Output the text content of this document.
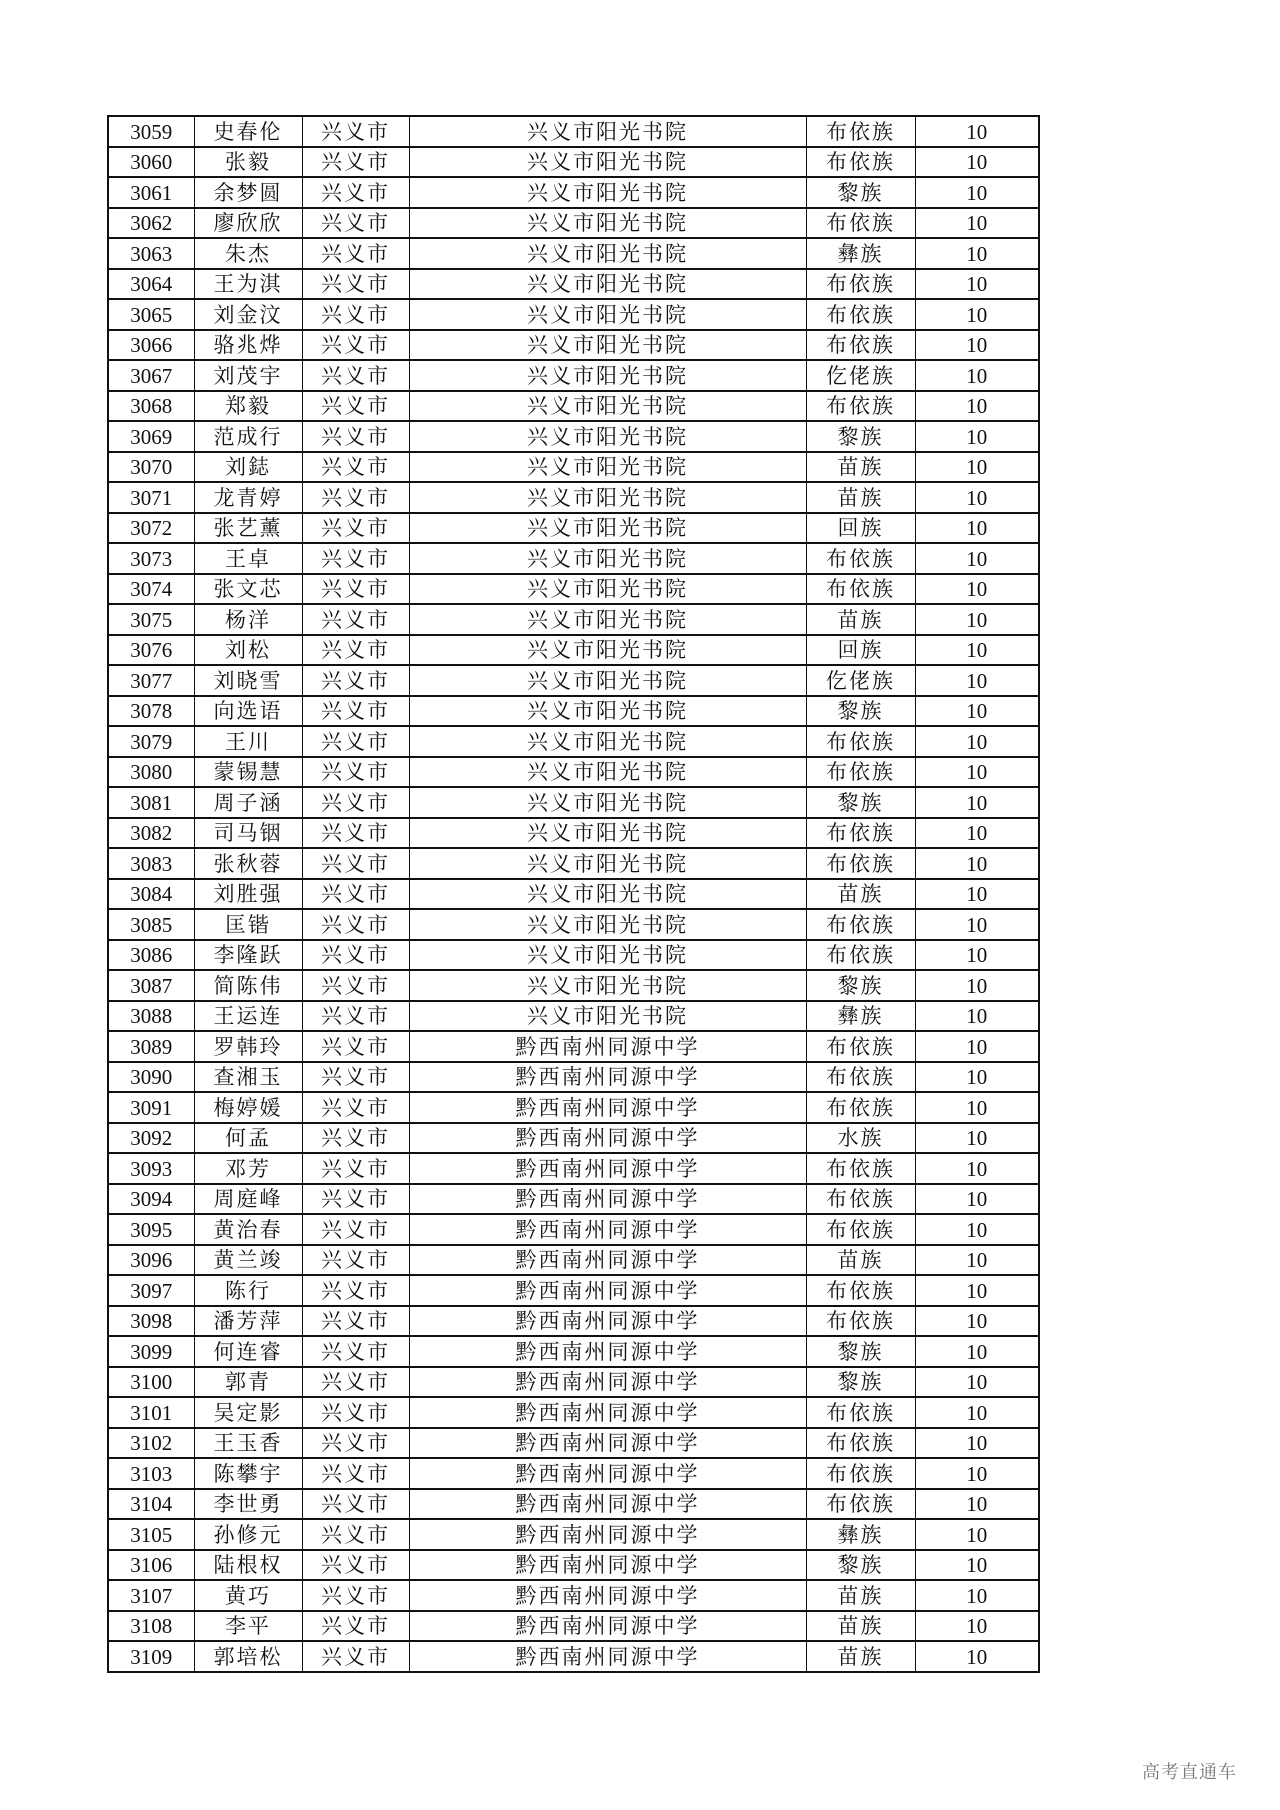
3059	史春伦	兴义市	兴义市阳光书院	布依族	10
3060	张毅	兴义市	兴义市阳光书院	布依族	10
3061	余梦圆	兴义市	兴义市阳光书院	黎族	10
3062	廖欣欣	兴义市	兴义市阳光书院	布依族	10
3063	朱杰	兴义市	兴义市阳光书院	彝族	10
3064	王为淇	兴义市	兴义市阳光书院	布依族	10
3065	刘金汶	兴义市	兴义市阳光书院	布依族	10
3066	骆兆烨	兴义市	兴义市阳光书院	布依族	10
3067	刘茂宇	兴义市	兴义市阳光书院	仡佬族	10
3068	郑毅	兴义市	兴义市阳光书院	布依族	10
3069	范成行	兴义市	兴义市阳光书院	黎族	10
3070	刘鋕	兴义市	兴义市阳光书院	苗族	10
3071	龙青婷	兴义市	兴义市阳光书院	苗族	10
3072	张艺薰	兴义市	兴义市阳光书院	回族	10
3073	王卓	兴义市	兴义市阳光书院	布依族	10
3074	张文芯	兴义市	兴义市阳光书院	布依族	10
3075	杨洋	兴义市	兴义市阳光书院	苗族	10
3076	刘松	兴义市	兴义市阳光书院	回族	10
3077	刘晓雪	兴义市	兴义市阳光书院	仡佬族	10
3078	向选语	兴义市	兴义市阳光书院	黎族	10
3079	王川	兴义市	兴义市阳光书院	布依族	10
3080	蒙锡慧	兴义市	兴义市阳光书院	布依族	10
3081	周子涵	兴义市	兴义市阳光书院	黎族	10
3082	司马铟	兴义市	兴义市阳光书院	布依族	10
3083	张秋蓉	兴义市	兴义市阳光书院	布依族	10
3084	刘胜强	兴义市	兴义市阳光书院	苗族	10
3085	匡锴	兴义市	兴义市阳光书院	布依族	10
3086	李隆跃	兴义市	兴义市阳光书院	布依族	10
3087	简陈伟	兴义市	兴义市阳光书院	黎族	10
3088	王运连	兴义市	兴义市阳光书院	彝族	10
3089	罗韩玲	兴义市	黔西南州同源中学	布依族	10
3090	查湘玉	兴义市	黔西南州同源中学	布依族	10
3091	梅婷媛	兴义市	黔西南州同源中学	布依族	10
3092	何孟	兴义市	黔西南州同源中学	水族	10
3093	邓芳	兴义市	黔西南州同源中学	布依族	10
3094	周庭峰	兴义市	黔西南州同源中学	布依族	10
3095	黄治春	兴义市	黔西南州同源中学	布依族	10
3096	黄兰竣	兴义市	黔西南州同源中学	苗族	10
3097	陈行	兴义市	黔西南州同源中学	布依族	10
3098	潘芳萍	兴义市	黔西南州同源中学	布依族	10
3099	何连睿	兴义市	黔西南州同源中学	黎族	10
3100	郭青	兴义市	黔西南州同源中学	黎族	10
3101	吴定影	兴义市	黔西南州同源中学	布依族	10
3102	王玉香	兴义市	黔西南州同源中学	布依族	10
3103	陈攀宇	兴义市	黔西南州同源中学	布依族	10
3104	李世勇	兴义市	黔西南州同源中学	布依族	10
3105	孙修元	兴义市	黔西南州同源中学	彝族	10
3106	陆根权	兴义市	黔西南州同源中学	黎族	10
3107	黄巧	兴义市	黔西南州同源中学	苗族	10
3108	李平	兴义市	黔西南州同源中学	苗族	10
3109	郭培松	兴义市	黔西南州同源中学	苗族	10
高考直通车
